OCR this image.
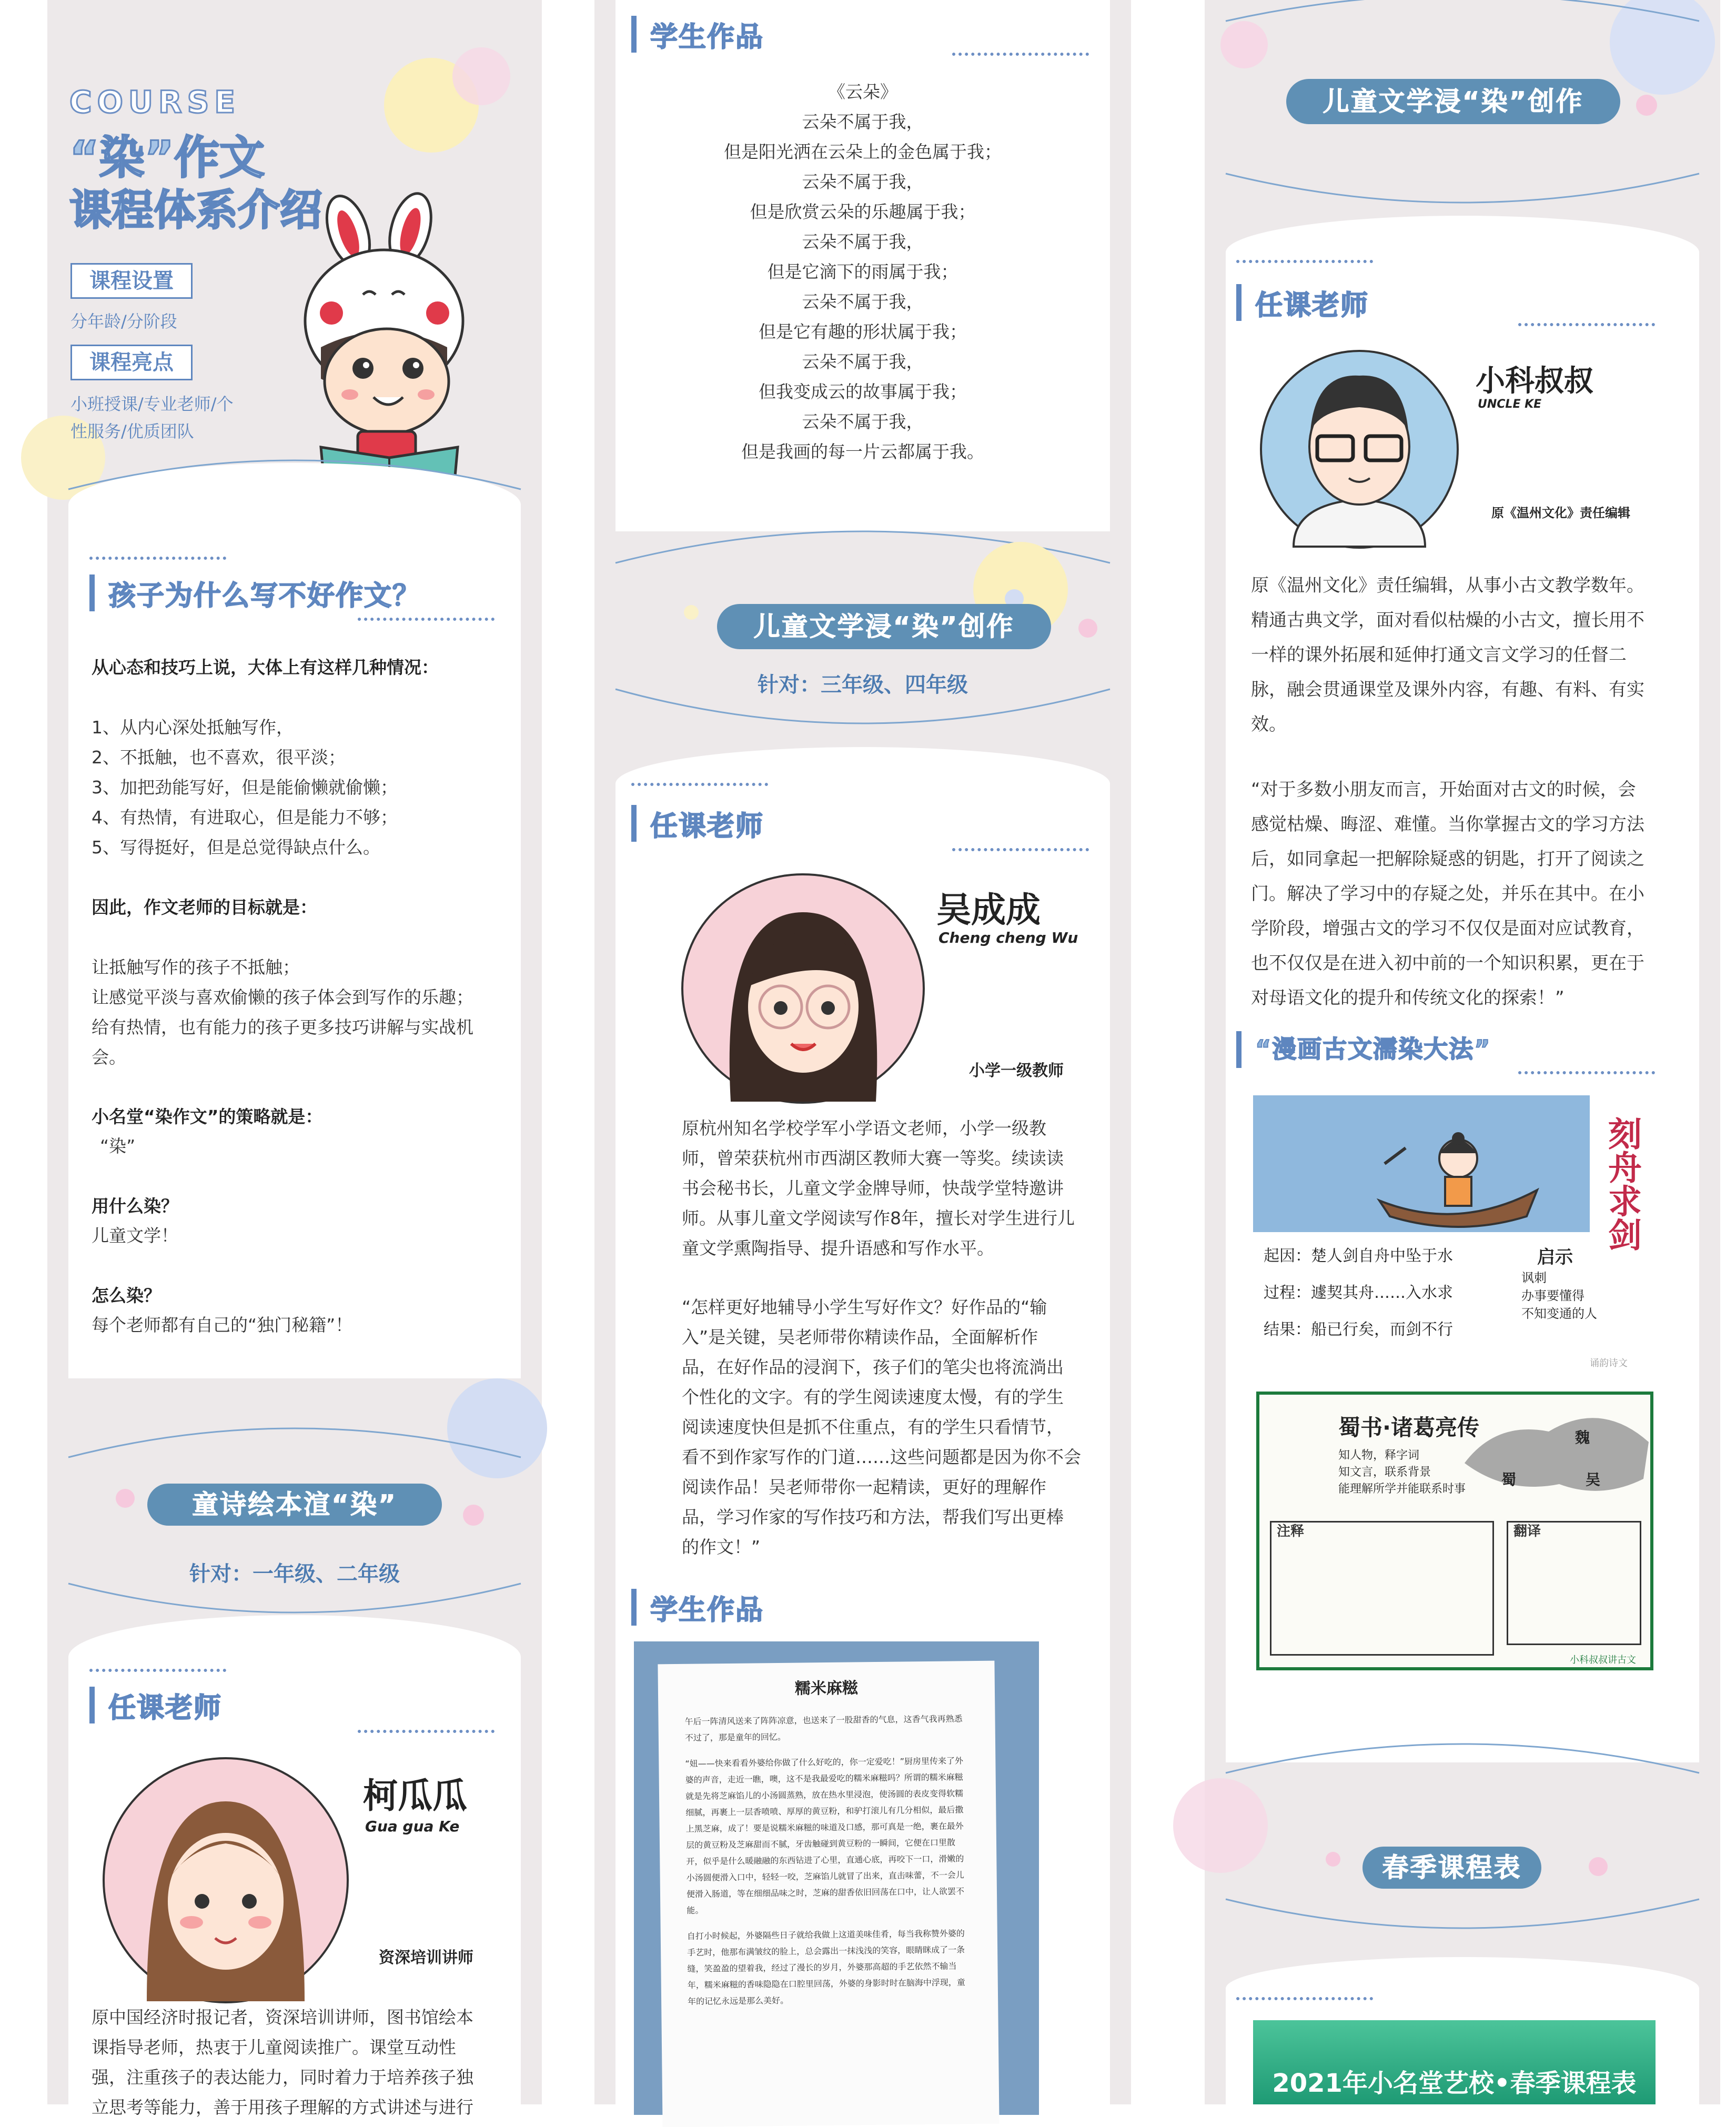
COURSE
“染”作文
课程体系介绍
课程设置
分年龄/分阶段
课程亮点
小班授课/专业老师/个
性服务/优质团队
孩子为什么写不好作文？
从心态和技巧上说，大体上有这样几种情况：
1、从内心深处抵触写作，
2、不抵触，也不喜欢，很平淡；
3、加把劲能写好，但是能偷懒就偷懒；
4、有热情，有进取心，但是能力不够；
5、写得挺好，但是总觉得缺点什么。
因此，作文老师的目标就是：
让抵触写作的孩子不抵触；
让感觉平淡与喜欢偷懒的孩子体会到写作的乐趣；
给有热情，也有能力的孩子更多技巧讲解与实战机
会。
小名堂“染作文”的策略就是：
“染”
用什么染？
儿童文学！
怎么染？
每个老师都有自己的“独门秘籍”！
童诗绘本渲“染”
针对：一年级、二年级
任课老师
柯瓜瓜
Gua gua Ke
资深培训讲师
原中国经济时报记者，资深培训讲师，图书馆绘本
课指导老师，热衷于儿童阅读推广。课堂互动性
强，注重孩子的表达能力，同时着力于培养孩子独
立思考等能力，善于用孩子理解的方式讲述与进行
学生作品
《云朵》
云朵不属于我，
但是阳光洒在云朵上的金色属于我；
云朵不属于我，
但是欣赏云朵的乐趣属于我；
云朵不属于我，
但是它滴下的雨属于我；
云朵不属于我，
但是它有趣的形状属于我；
云朵不属于我，
但我变成云的故事属于我；
云朵不属于我，
但是我画的每一片云都属于我。
儿童文学浸“染”创作
针对：三年级、四年级
任课老师
吴成成
Cheng cheng Wu
小学一级教师
原杭州知名学校学军小学语文老师，小学一级教
师，曾荣获杭州市西湖区教师大赛一等奖。续读读
书会秘书长，儿童文学金牌导师，快哉学堂特邀讲
师。从事儿童文学阅读写作8年，擅长对学生进行儿
童文学熏陶指导、提升语感和写作水平。
“怎样更好地辅导小学生写好作文？好作品的“输
入”是关键，吴老师带你精读作品，全面解析作
品，在好作品的浸润下，孩子们的笔尖也将流淌出
个性化的文字。有的学生阅读速度太慢，有的学生
阅读速度快但是抓不住重点，有的学生只看情节，
看不到作家写作的门道……这些问题都是因为你不会
阅读作品！吴老师带你一起精读，更好的理解作
品，学习作家的写作技巧和方法，帮我们写出更棒
的作文！”
学生作品
糯米麻糍
午后一阵清风送来了阵阵凉意，也送来了一股甜香的气息，这香气我再熟悉不过了，那是童年的回忆。
“妞——快来看看外婆给你做了什么好吃的，你一定爱吃！”厨房里传来了外婆的声音，走近一瞧，噢，这不是我最爱吃的糯米麻糍吗？所谓的糯米麻糍就是先将芝麻馅儿的小汤圆蒸熟，放在热水里浸泡，使汤圆的表皮变得软糯细腻，再裹上一层香喷喷、厚厚的黄豆粉，和驴打滚儿有几分相似，最后撒上黑芝麻，成了！要是说糯米麻糍的味道及口感，那可真是一绝，裹在最外层的黄豆粉及芝麻甜而不腻，牙齿触碰到黄豆粉的一瞬间，它便在口里散开，似乎是什么暖融融的东西钻进了心里，直通心底，再咬下一口，滑嫩的小汤圆便滑入口中，轻轻一咬，芝麻馅儿就冒了出来，直击味蕾，不一会儿便滑入肠道，等在细细品味之时，芝麻的甜香依旧回荡在口中，让人欲罢不能。
自打小时候起，外婆隔些日子就给我做上这道美味佳肴，每当我称赞外婆的手艺时，他那布满皱纹的脸上，总会露出一抹浅浅的笑容，眼睛眯成了一条缝，笑盈盈的望着我，经过了漫长的岁月，外婆那高超的手艺依然不输当年，糯米麻糍的香味隐隐在口腔里回荡，外婆的身影时时在脑海中浮现，童年的记忆永远是那么美好。
儿童文学浸“染”创作
任课老师
小科叔叔
UNCLE KE
原《温州文化》责任编辑
原《温州文化》责任编辑，从事小古文教学数年。
精通古典文学，面对看似枯燥的小古文，擅长用不
一样的课外拓展和延伸打通文言文学习的任督二
脉，融会贯通课堂及课外内容，有趣、有料、有实
效。
“对于多数小朋友而言，开始面对古文的时候，会
感觉枯燥、晦涩、难懂。当你掌握古文的学习方法
后，如同拿起一把解除疑惑的钥匙，打开了阅读之
门。解决了学习中的存疑之处，并乐在其中。在小
学阶段，增强古文的学习不仅仅是面对应试教育，
也不仅仅是在进入初中前的一个知识积累，更在于
对母语文化的提升和传统文化的探索！”
“漫画古文濡染大法”
刻舟求剑
起因：楚人剑自舟中坠于水
过程：遽契其舟……入水求
结果：船已行矣，而剑不行
启示
讽刺
办事要懂得
不知变通的人
诵韵诗文
魏
蜀	吴
蜀书·诸葛亮传
知人物，释字词
知文言，联系背景
能理解所学并能联系时事
注释	翻译
小科叔叔讲古文
春季课程表
2021年小名堂艺校•春季课程表
